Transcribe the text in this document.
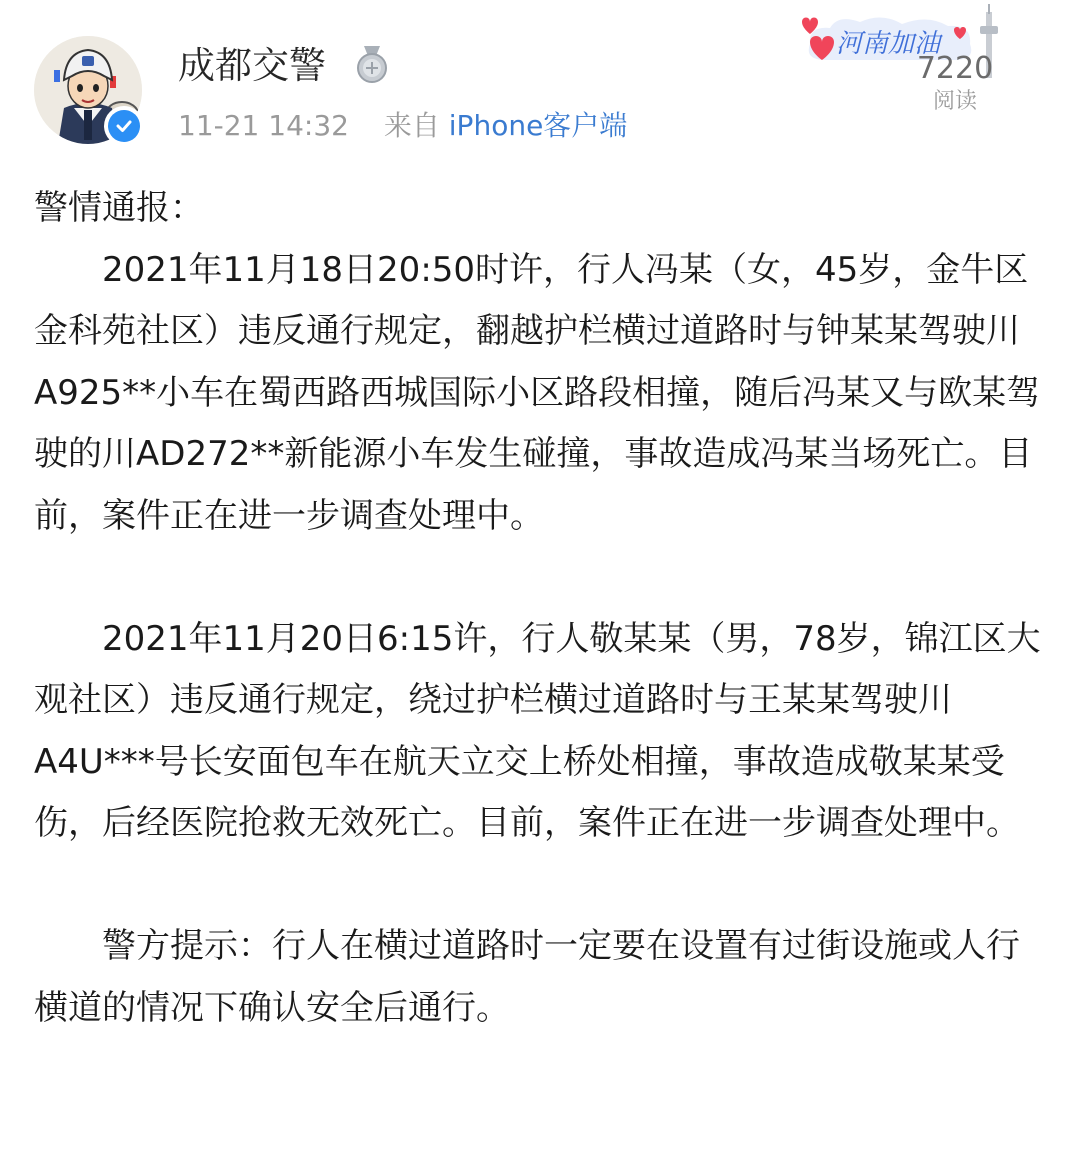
成都交警
11-21 14:32 来自 iPhone客户端
河南加油
7220
阅读

警情通报：

2021年11月18日20:50时许，行人冯某（女，45岁，金牛区金科苑社区）违反通行规定，翻越护栏横过道路时与钟某某驾驶川A925**小车在蜀西路西城国际小区路段相撞，随后冯某又与欧某驾驶的川AD272**新能源小车发生碰撞，事故造成冯某当场死亡。目前，案件正在进一步调查处理中。

2021年11月20日6:15许，行人敬某某（男，78岁，锦江区大观社区）违反通行规定，绕过护栏横过道路时与王某某驾驶川A4U***号长安面包车在航天立交上桥处相撞，事故造成敬某某受伤，后经医院抢救无效死亡。目前，案件正在进一步调查处理中。

警方提示：行人在横过道路时一定要在设置有过街设施或人行横道的情况下确认安全后通行。
